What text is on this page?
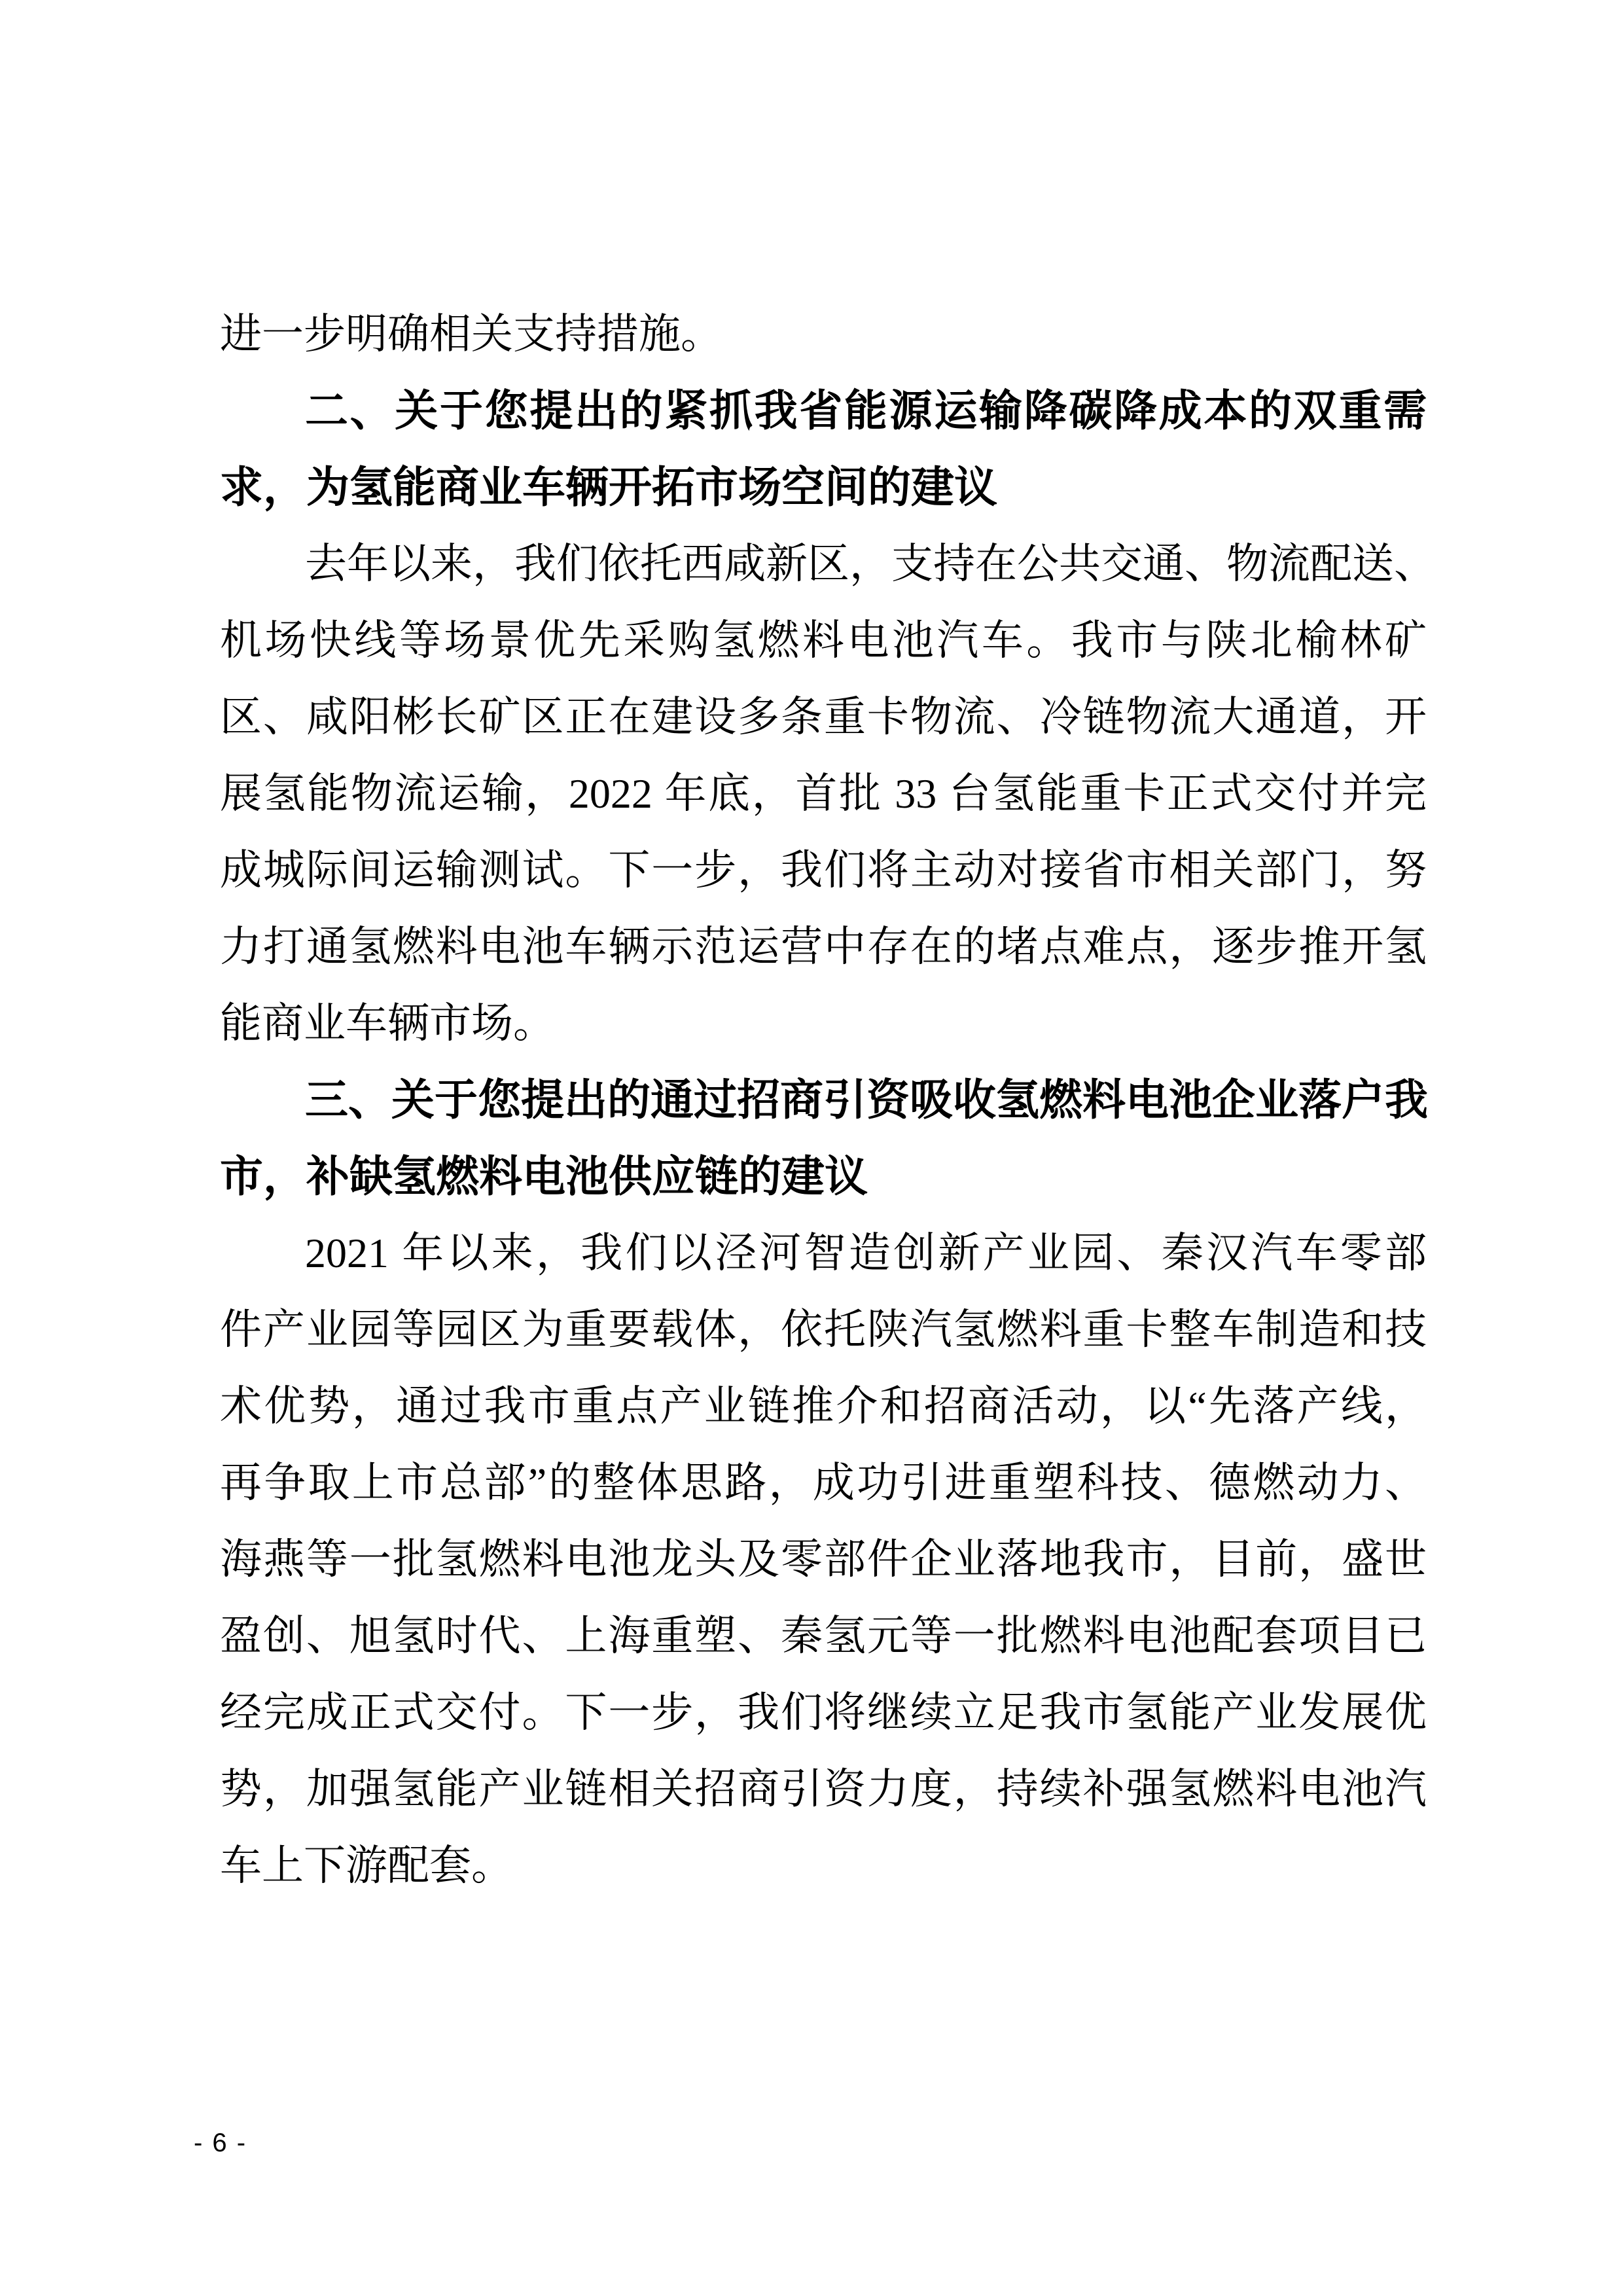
进一步明确相关支持措施。
二、关于您提出的紧抓我省能源运输降碳降成本的双重需
求，为氢能商业车辆开拓市场空间的建议
去年以来，我们依托西咸新区，支持在公共交通、物流配送、
机场快线等场景优先采购氢燃料电池汽车。我市与陕北榆林矿
区、咸阳彬长矿区正在建设多条重卡物流、冷链物流大通道，开
展氢能物流运输，2022 年底，首批 33 台氢能重卡正式交付并完
成城际间运输测试。下一步，我们将主动对接省市相关部门，努
力打通氢燃料电池车辆示范运营中存在的堵点难点，逐步推开氢
能商业车辆市场。
三、关于您提出的通过招商引资吸收氢燃料电池企业落户我
市，补缺氢燃料电池供应链的建议
2021 年以来，我们以泾河智造创新产业园、秦汉汽车零部
件产业园等园区为重要载体，依托陕汽氢燃料重卡整车制造和技
术优势，通过我市重点产业链推介和招商活动，以“先落产线，
再争取上市总部”的整体思路，成功引进重塑科技、德燃动力、
海燕等一批氢燃料电池龙头及零部件企业落地我市，目前，盛世
盈创、旭氢时代、上海重塑、秦氢元等一批燃料电池配套项目已
经完成正式交付。下一步，我们将继续立足我市氢能产业发展优
势，加强氢能产业链相关招商引资力度，持续补强氢燃料电池汽
车上下游配套。
- 6 -
